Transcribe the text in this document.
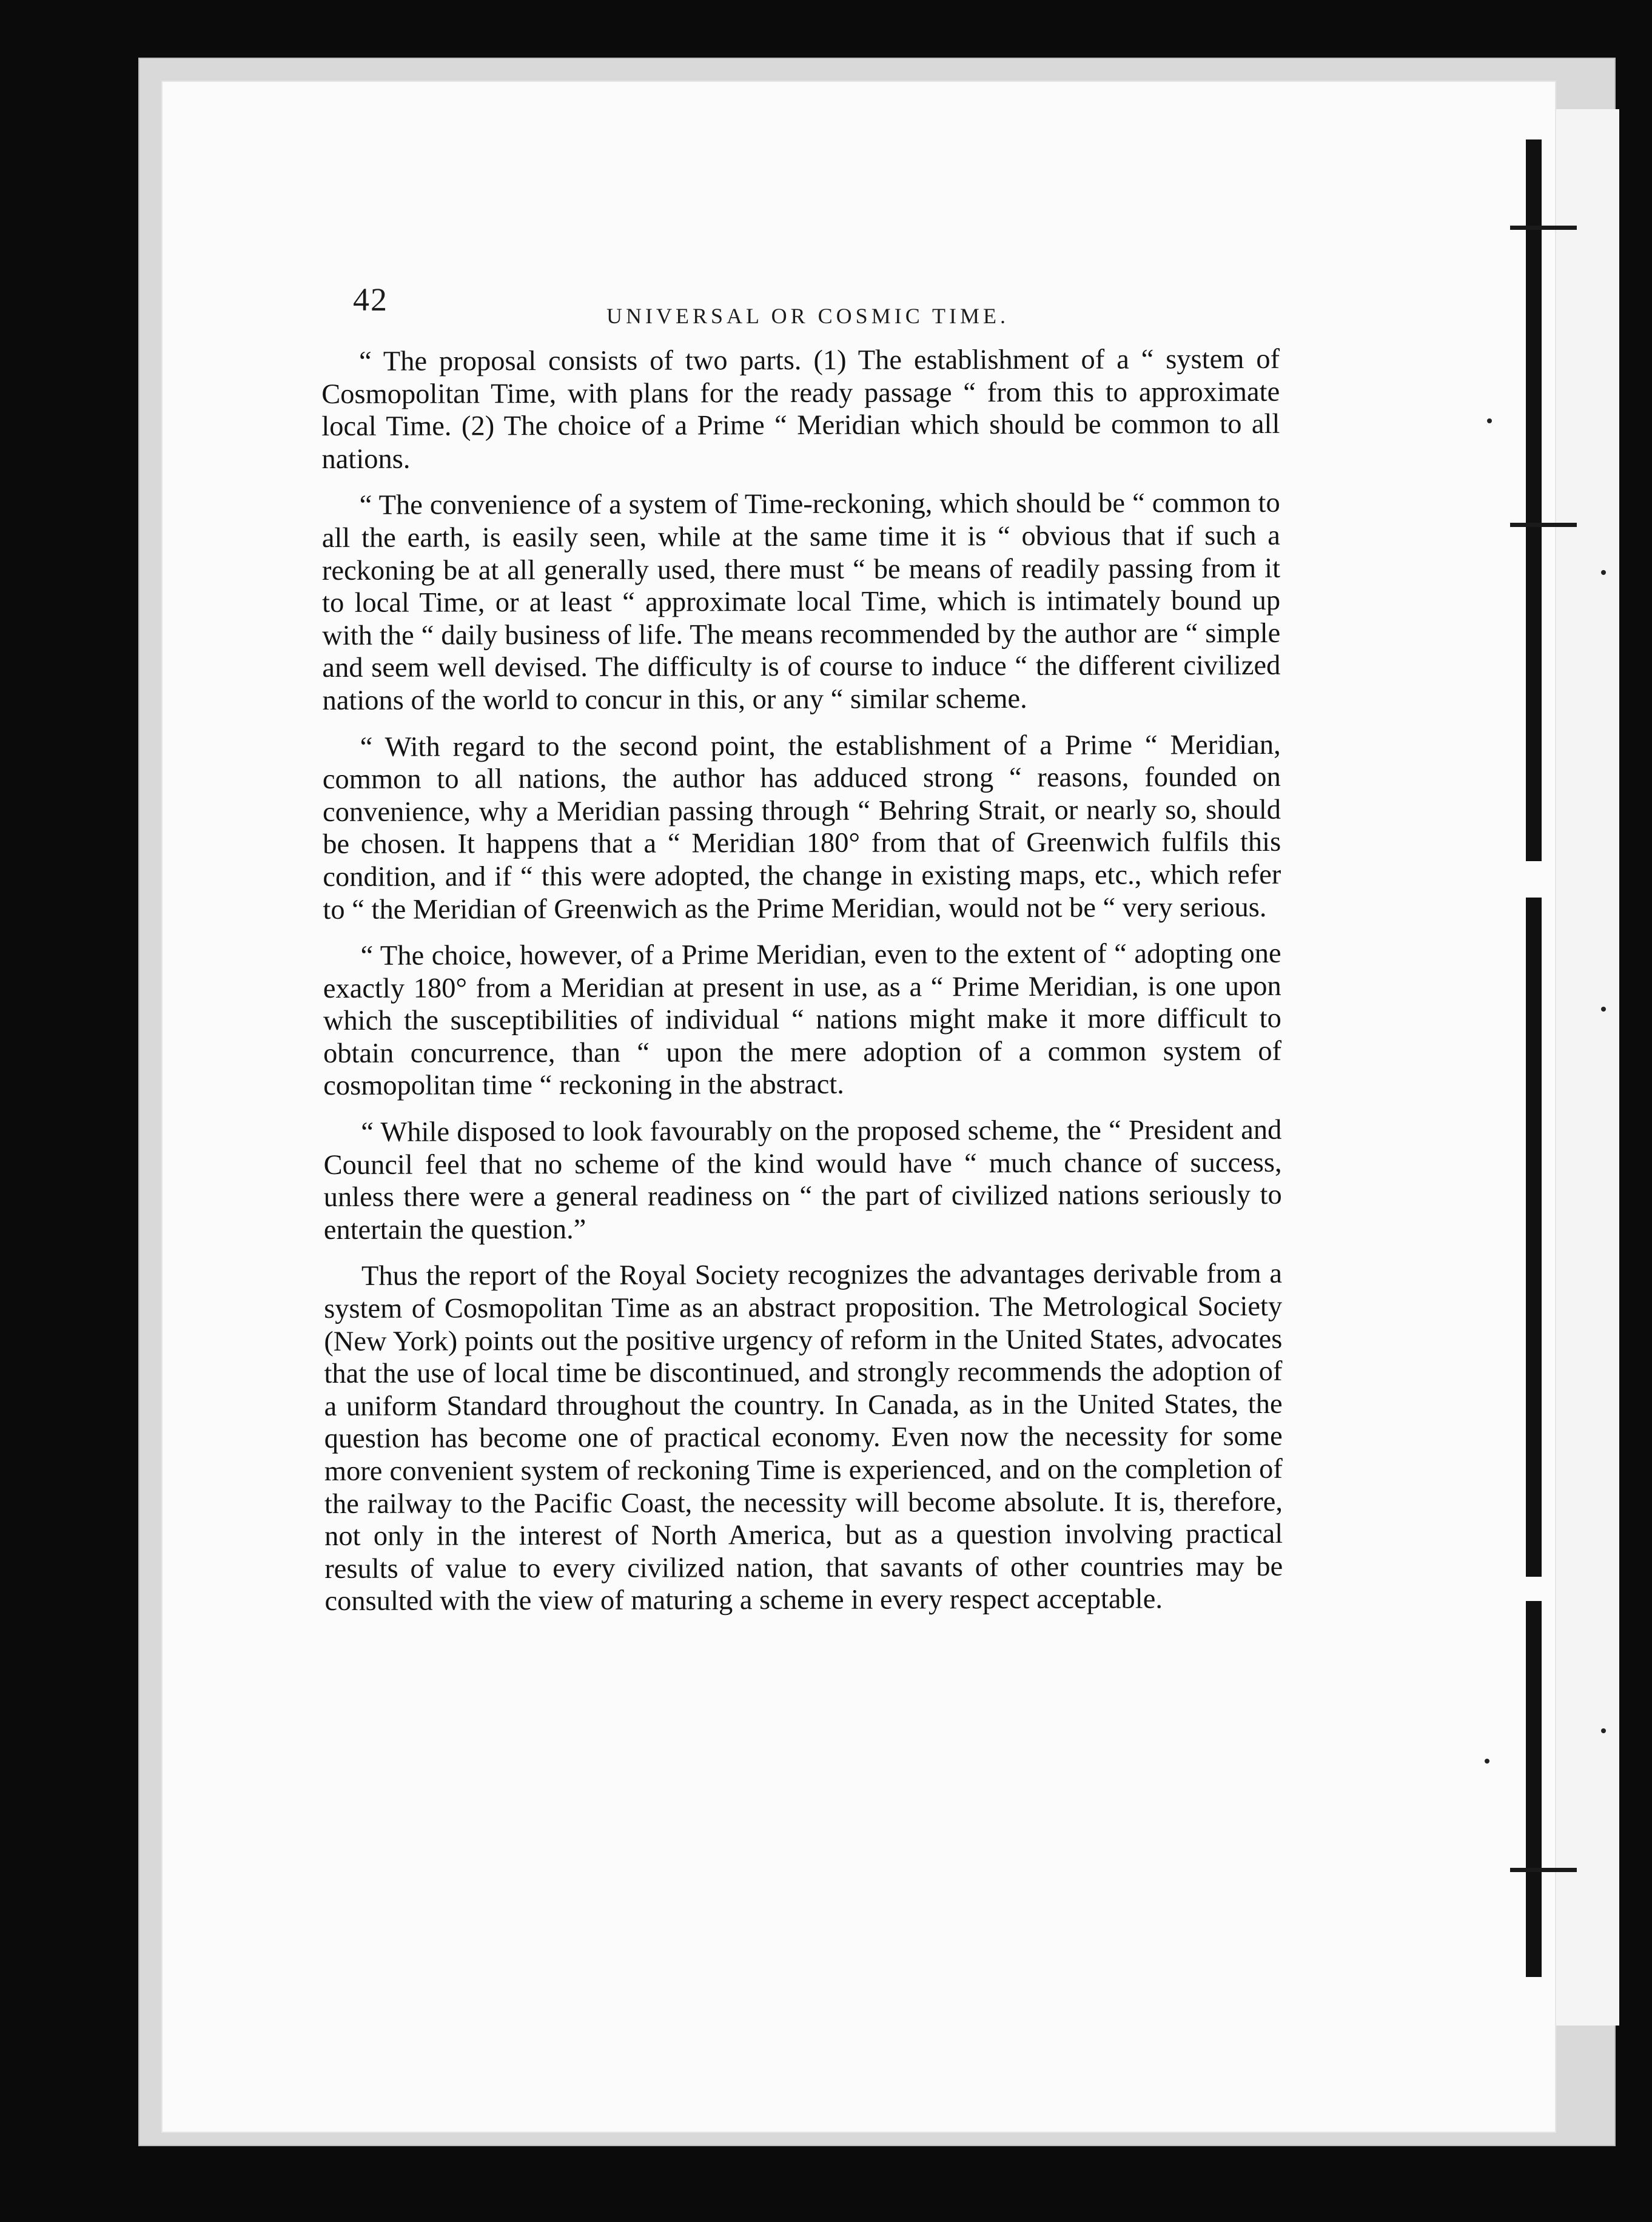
42	UNIVERSAL OR COSMIC TIME.

“ The proposal consists of two parts. (1) The establishment of a “ system of Cosmopolitan Time, with plans for the ready passage “ from this to approximate local Time. (2) The choice of a Prime “ Meridian which should be common to all nations.

“ The convenience of a system of Time-reckoning, which should be “ common to all the earth, is easily seen, while at the same time it is “ obvious that if such a reckoning be at all generally used, there must “ be means of readily passing from it to local Time, or at least “ approximate local Time, which is intimately bound up with the “ daily business of life. The means recommended by the author are “ simple and seem well devised. The difficulty is of course to induce “ the different civilized nations of the world to concur in this, or any “ similar scheme.

“ With regard to the second point, the establishment of a Prime “ Meridian, common to all nations, the author has adduced strong “ reasons, founded on convenience, why a Meridian passing through “ Behring Strait, or nearly so, should be chosen. It happens that a “ Meridian 180° from that of Greenwich fulfils this condition, and if “ this were adopted, the change in existing maps, etc., which refer to “ the Meridian of Greenwich as the Prime Meridian, would not be “ very serious.

“ The choice, however, of a Prime Meridian, even to the extent of “ adopting one exactly 180° from a Meridian at present in use, as a “ Prime Meridian, is one upon which the susceptibilities of individual “ nations might make it more difficult to obtain concurrence, than “ upon the mere adoption of a common system of cosmopolitan time “ reckoning in the abstract.

“ While disposed to look favourably on the proposed scheme, the “ President and Council feel that no scheme of the kind would have “ much chance of success, unless there were a general readiness on “ the part of civilized nations seriously to entertain the question.”

Thus the report of the Royal Society recognizes the advantages derivable from a system of Cosmopolitan Time as an abstract proposition. The Metrological Society (New York) points out the positive urgency of reform in the United States, advocates that the use of local time be discontinued, and strongly recommends the adoption of a uniform Standard throughout the country. In Canada, as in the United States, the question has become one of practical economy. Even now the necessity for some more convenient system of reckoning Time is experienced, and on the completion of the railway to the Pacific Coast, the necessity will become absolute. It is, therefore, not only in the interest of North America, but as a question involving practical results of value to every civilized nation, that savants of other countries may be consulted with the view of maturing a scheme in every respect acceptable.
